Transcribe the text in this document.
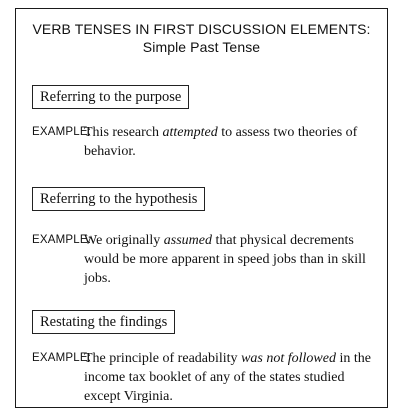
VERB TENSES IN FIRST DISCUSSION ELEMENTS:
Simple Past Tense
Referring to the purpose
EXAMPLE:
This research attempted to assess two theories of behavior.
Referring to the hypothesis
EXAMPLE:
We originally assumed that physical decrements would be more apparent in speed jobs than in skill jobs.
Restating the findings
EXAMPLE:
The principle of readability was not followed in the income tax booklet of any of the states studied except Virginia.
